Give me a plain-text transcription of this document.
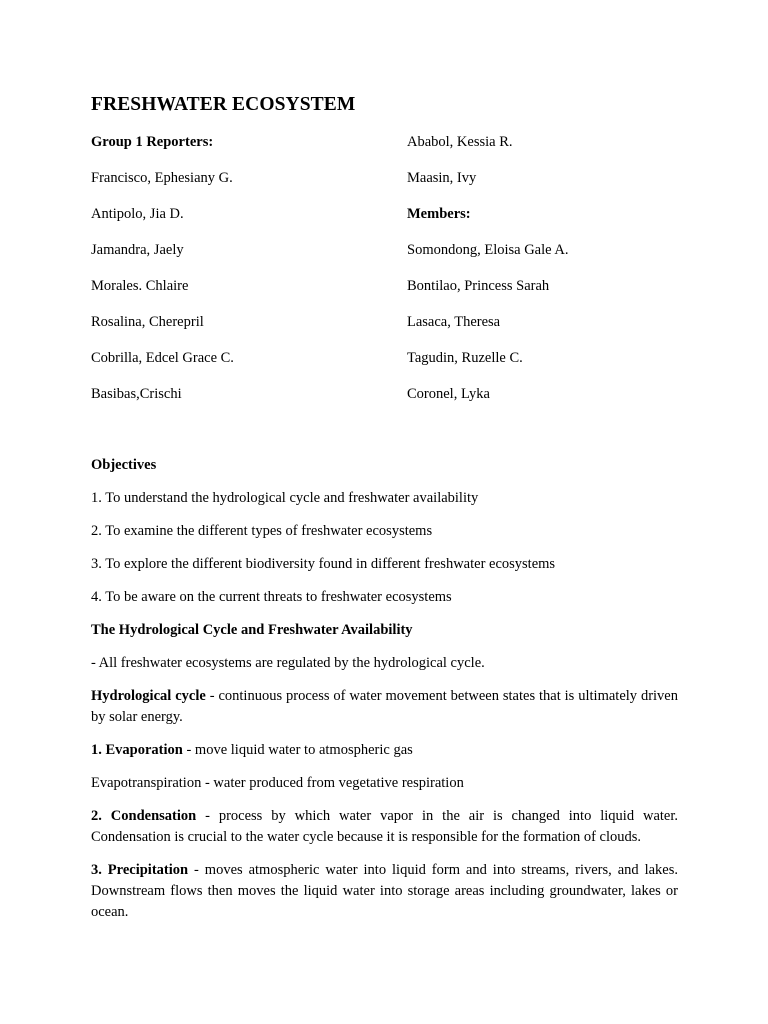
FRESHWATER ECOSYSTEM
Group 1 Reporters:
Francisco, Ephesiany G.
Antipolo, Jia D.
Jamandra, Jaely
Morales. Chlaire
Rosalina, Cherepril
Cobrilla, Edcel Grace C.
Basibas,Crischi
Ababol, Kessia R.
Maasin, Ivy
Members:
Somondong, Eloisa Gale A.
Bontilao, Princess Sarah
Lasaca, Theresa
Tagudin, Ruzelle C.
Coronel, Lyka

Objectives

1. To understand the hydrological cycle and freshwater availability

2. To examine the different types of freshwater ecosystems

3. To explore the different biodiversity found in different freshwater ecosystems

4. To be aware on the current threats to freshwater ecosystems

The Hydrological Cycle and Freshwater Availability

- All freshwater ecosystems are regulated by the hydrological cycle.

Hydrological cycle - continuous process of water movement between states that is ultimately driven by solar energy.

1. Evaporation - move liquid water to atmospheric gas

Evapotranspiration - water produced from vegetative respiration

2. Condensation - process by which water vapor in the air is changed into liquid water. Condensation is crucial to the water cycle because it is responsible for the formation of clouds.

3. Precipitation - moves atmospheric water into liquid form and into streams, rivers, and lakes. Downstream flows then moves the liquid water into storage areas including groundwater, lakes or ocean.
